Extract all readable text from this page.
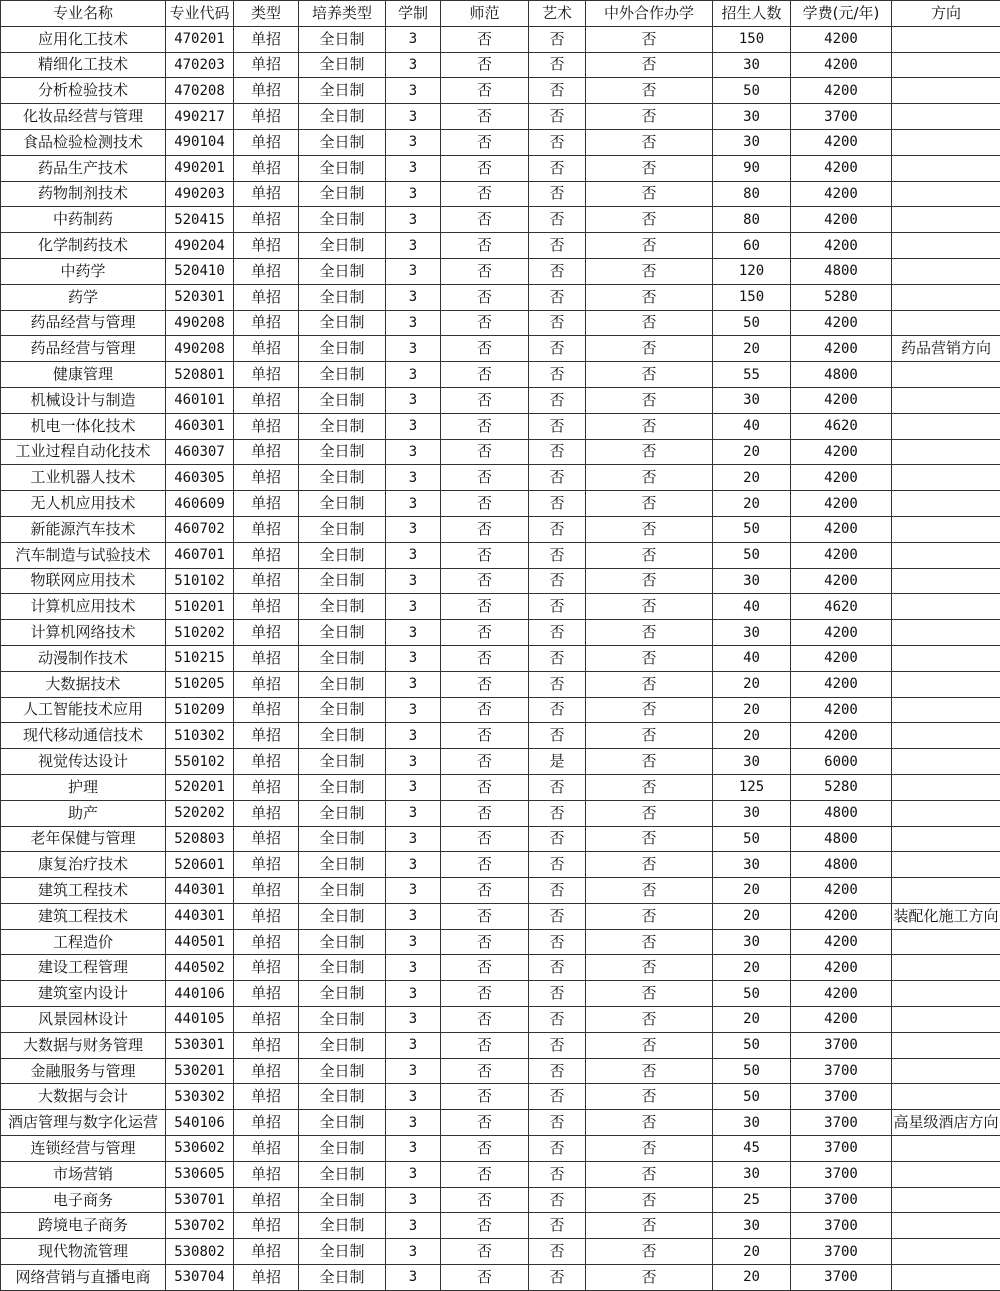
专业名称	专业代码	类型	培养类型	学制	师范	艺术	中外合作办学	招生人数	学费(元/年)	方向
应用化工技术	470201	单招	全日制	3	否	否	否	150	4200	
精细化工技术	470203	单招	全日制	3	否	否	否	30	4200	
分析检验技术	470208	单招	全日制	3	否	否	否	50	4200	
化妆品经营与管理	490217	单招	全日制	3	否	否	否	30	3700	
食品检验检测技术	490104	单招	全日制	3	否	否	否	30	4200	
药品生产技术	490201	单招	全日制	3	否	否	否	90	4200	
药物制剂技术	490203	单招	全日制	3	否	否	否	80	4200	
中药制药	520415	单招	全日制	3	否	否	否	80	4200	
化学制药技术	490204	单招	全日制	3	否	否	否	60	4200	
中药学	520410	单招	全日制	3	否	否	否	120	4800	
药学	520301	单招	全日制	3	否	否	否	150	5280	
药品经营与管理	490208	单招	全日制	3	否	否	否	50	4200	
药品经营与管理	490208	单招	全日制	3	否	否	否	20	4200	药品营销方向
健康管理	520801	单招	全日制	3	否	否	否	55	4800	
机械设计与制造	460101	单招	全日制	3	否	否	否	30	4200	
机电一体化技术	460301	单招	全日制	3	否	否	否	40	4620	
工业过程自动化技术	460307	单招	全日制	3	否	否	否	20	4200	
工业机器人技术	460305	单招	全日制	3	否	否	否	20	4200	
无人机应用技术	460609	单招	全日制	3	否	否	否	20	4200	
新能源汽车技术	460702	单招	全日制	3	否	否	否	50	4200	
汽车制造与试验技术	460701	单招	全日制	3	否	否	否	50	4200	
物联网应用技术	510102	单招	全日制	3	否	否	否	30	4200	
计算机应用技术	510201	单招	全日制	3	否	否	否	40	4620	
计算机网络技术	510202	单招	全日制	3	否	否	否	30	4200	
动漫制作技术	510215	单招	全日制	3	否	否	否	40	4200	
大数据技术	510205	单招	全日制	3	否	否	否	20	4200	
人工智能技术应用	510209	单招	全日制	3	否	否	否	20	4200	
现代移动通信技术	510302	单招	全日制	3	否	否	否	20	4200	
视觉传达设计	550102	单招	全日制	3	否	是	否	30	6000	
护理	520201	单招	全日制	3	否	否	否	125	5280	
助产	520202	单招	全日制	3	否	否	否	30	4800	
老年保健与管理	520803	单招	全日制	3	否	否	否	50	4800	
康复治疗技术	520601	单招	全日制	3	否	否	否	30	4800	
建筑工程技术	440301	单招	全日制	3	否	否	否	20	4200	
建筑工程技术	440301	单招	全日制	3	否	否	否	20	4200	装配化施工方向
工程造价	440501	单招	全日制	3	否	否	否	30	4200	
建设工程管理	440502	单招	全日制	3	否	否	否	20	4200	
建筑室内设计	440106	单招	全日制	3	否	否	否	50	4200	
风景园林设计	440105	单招	全日制	3	否	否	否	20	4200	
大数据与财务管理	530301	单招	全日制	3	否	否	否	50	3700	
金融服务与管理	530201	单招	全日制	3	否	否	否	50	3700	
大数据与会计	530302	单招	全日制	3	否	否	否	50	3700	
酒店管理与数字化运营	540106	单招	全日制	3	否	否	否	30	3700	高星级酒店方向
连锁经营与管理	530602	单招	全日制	3	否	否	否	45	3700	
市场营销	530605	单招	全日制	3	否	否	否	30	3700	
电子商务	530701	单招	全日制	3	否	否	否	25	3700	
跨境电子商务	530702	单招	全日制	3	否	否	否	30	3700	
现代物流管理	530802	单招	全日制	3	否	否	否	20	3700	
网络营销与直播电商	530704	单招	全日制	3	否	否	否	20	3700	
